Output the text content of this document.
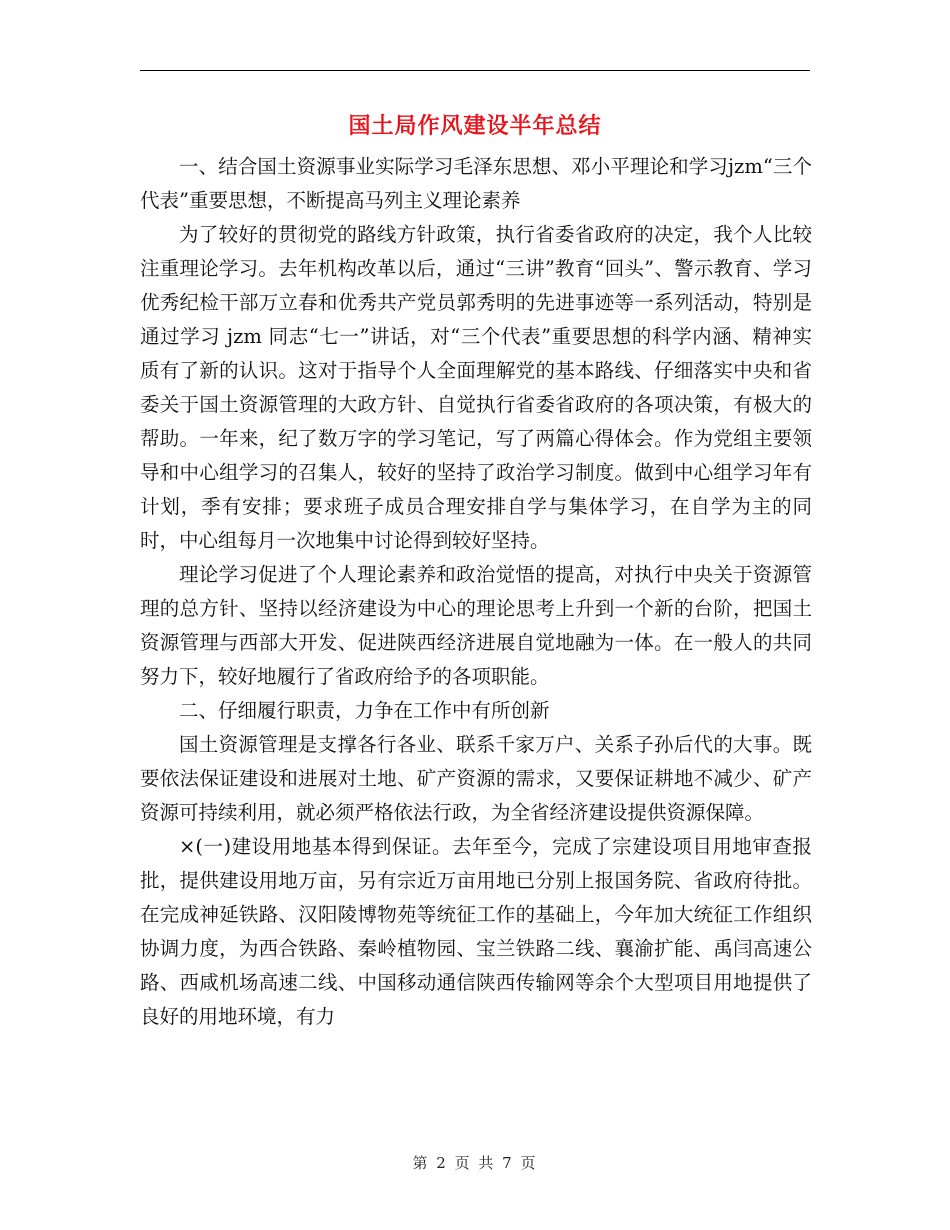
国土局作风建设半年总结

一、结合国土资源事业实际学习毛泽东思想、邓小平理论和学习jzm“三个代表”重要思想，不断提高马列主义理论素养

为了较好的贯彻党的路线方针政策，执行省委省政府的决定，我个人比较注重理论学习。去年机构改革以后，通过“三讲”教育“回头”、警示教育、学习优秀纪检干部万立春和优秀共产党员郭秀明的先进事迹等一系列活动，特别是通过学习 jzm 同志“七一”讲话，对“三个代表”重要思想的科学内涵、精神实质有了新的认识。这对于指导个人全面理解党的基本路线、仔细落实中央和省委关于国土资源管理的大政方针、自觉执行省委省政府的各项决策，有极大的帮助。一年来，纪了数万字的学习笔记，写了两篇心得体会。作为党组主要领导和中心组学习的召集人，较好的坚持了政治学习制度。做到中心组学习年有计划，季有安排；要求班子成员合理安排自学与集体学习，在自学为主的同时，中心组每月一次地集中讨论得到较好坚持。

理论学习促进了个人理论素养和政治觉悟的提高，对执行中央关于资源管理的总方针、坚持以经济建设为中心的理论思考上升到一个新的台阶，把国土资源管理与西部大开发、促进陕西经济进展自觉地融为一体。在一般人的共同努力下，较好地履行了省政府给予的各项职能。

二、仔细履行职责，力争在工作中有所创新

国土资源管理是支撑各行各业、联系千家万户、关系子孙后代的大事。既要依法保证建设和进展对土地、矿产资源的需求，又要保证耕地不减少、矿产资源可持续利用，就必须严格依法行政，为全省经济建设提供资源保障。

×(一)建设用地基本得到保证。去年至今，完成了宗建设项目用地审查报批，提供建设用地万亩，另有宗近万亩用地已分别上报国务院、省政府待批。在完成神延铁路、汉阳陵博物苑等统征工作的基础上，今年加大统征工作组织协调力度，为西合铁路、秦岭植物园、宝兰铁路二线、襄渝扩能、禹闫高速公路、西咸机场高速二线、中国移动通信陕西传输网等余个大型项目用地提供了良好的用地环境，有力

第 2 页 共 7 页
